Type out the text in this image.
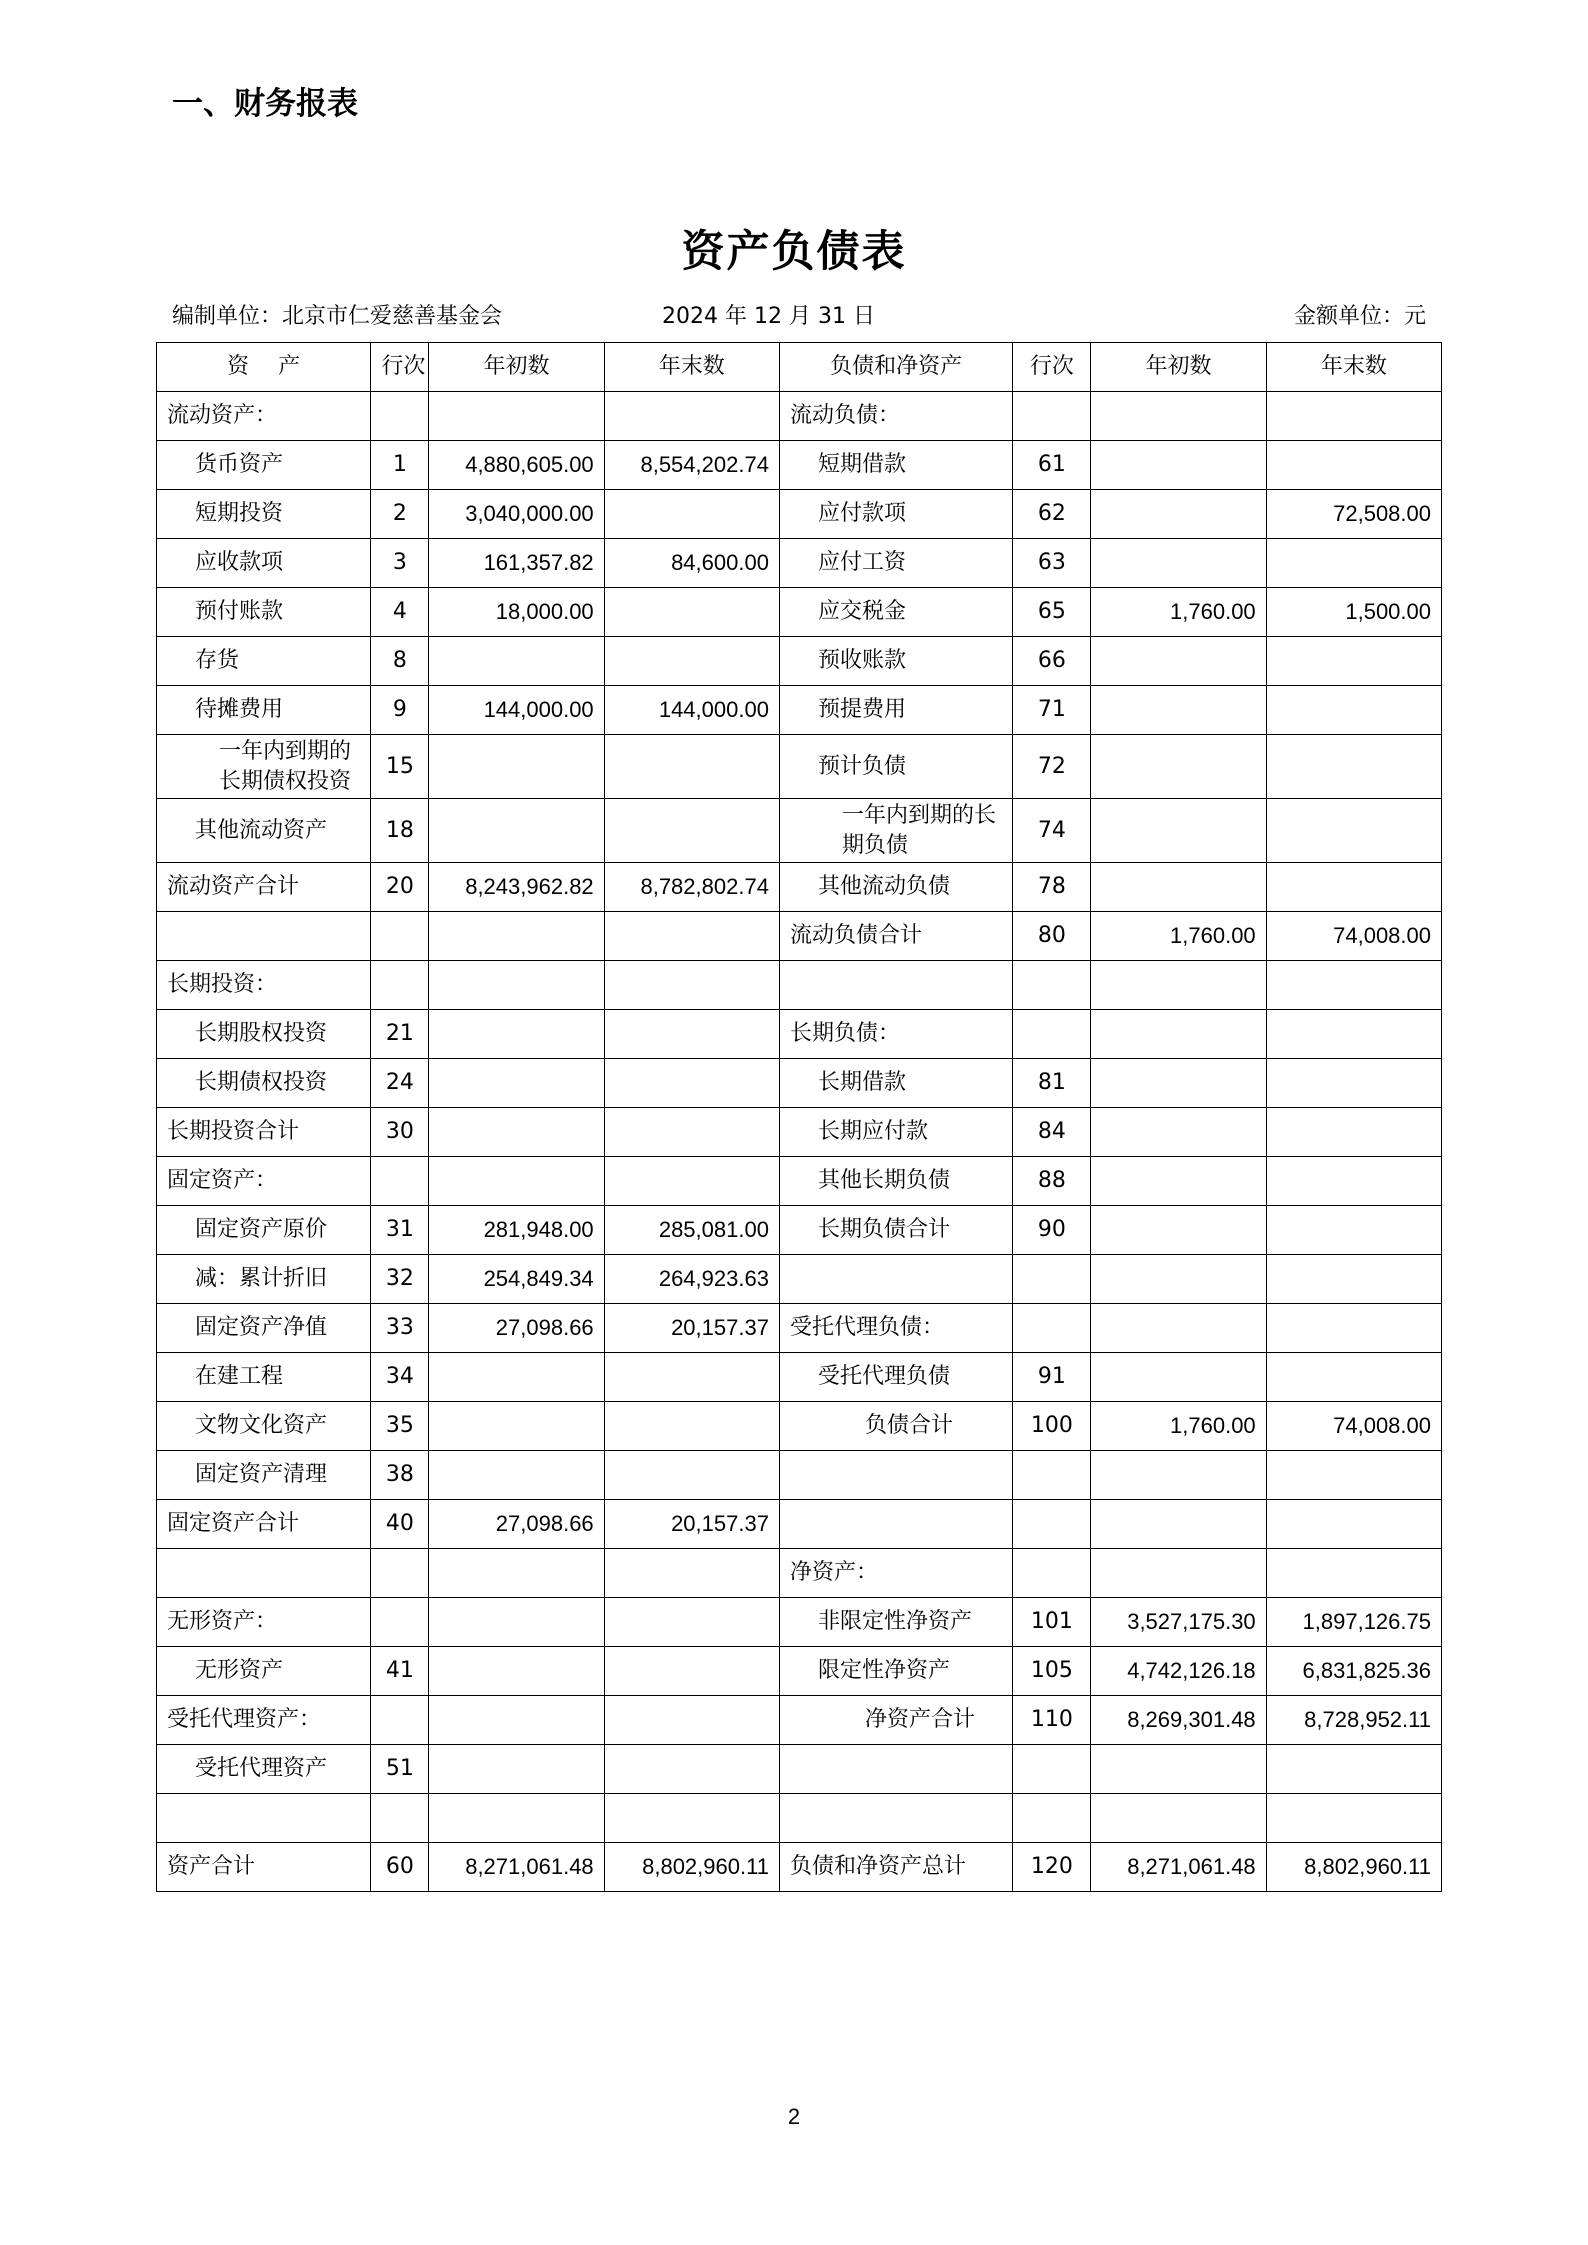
一、财务报表
资产负债表
编制单位：北京市仁爱慈善基金会	2024 年 12 月 31 日	金额单位：元
资　 产	行次	年初数	年末数	负债和净资产	行次	年初数	年末数
流动资产：				流动负债：			
货币资产	1	4,880,605.00	8,554,202.74	短期借款	61		
短期投资	2	3,040,000.00		应付款项	62		72,508.00
应收款项	3	161,357.82	84,600.00	应付工资	63		
预付账款	4	18,000.00		应交税金	65	1,760.00	1,500.00
存货	8			预收账款	66		
待摊费用	9	144,000.00	144,000.00	预提费用	71		
一年内到期的长期债权投资	15			预计负债	72		
其他流动资产	18			一年内到期的长期负债	74		
流动资产合计	20	8,243,962.82	8,782,802.74	其他流动负债	78		
				流动负债合计	80	1,760.00	74,008.00
长期投资：							
长期股权投资	21			长期负债：			
长期债权投资	24			长期借款	81		
长期投资合计	30			长期应付款	84		
固定资产：				其他长期负债	88		
固定资产原价	31	281,948.00	285,081.00	长期负债合计	90		
减：累计折旧	32	254,849.34	264,923.63				
固定资产净值	33	27,098.66	20,157.37	受托代理负债：			
在建工程	34			受托代理负债	91		
文物文化资产	35			负债合计	100	1,760.00	74,008.00
固定资产清理	38						
固定资产合计	40	27,098.66	20,157.37				
				净资产：			
无形资产：				非限定性净资产	101	3,527,175.30	1,897,126.75
无形资产	41			限定性净资产	105	4,742,126.18	6,831,825.36
受托代理资产：				净资产合计	110	8,269,301.48	8,728,952.11
受托代理资产	51						

资产合计	60	8,271,061.48	8,802,960.11	负债和净资产总计	120	8,271,061.48	8,802,960.11
2
